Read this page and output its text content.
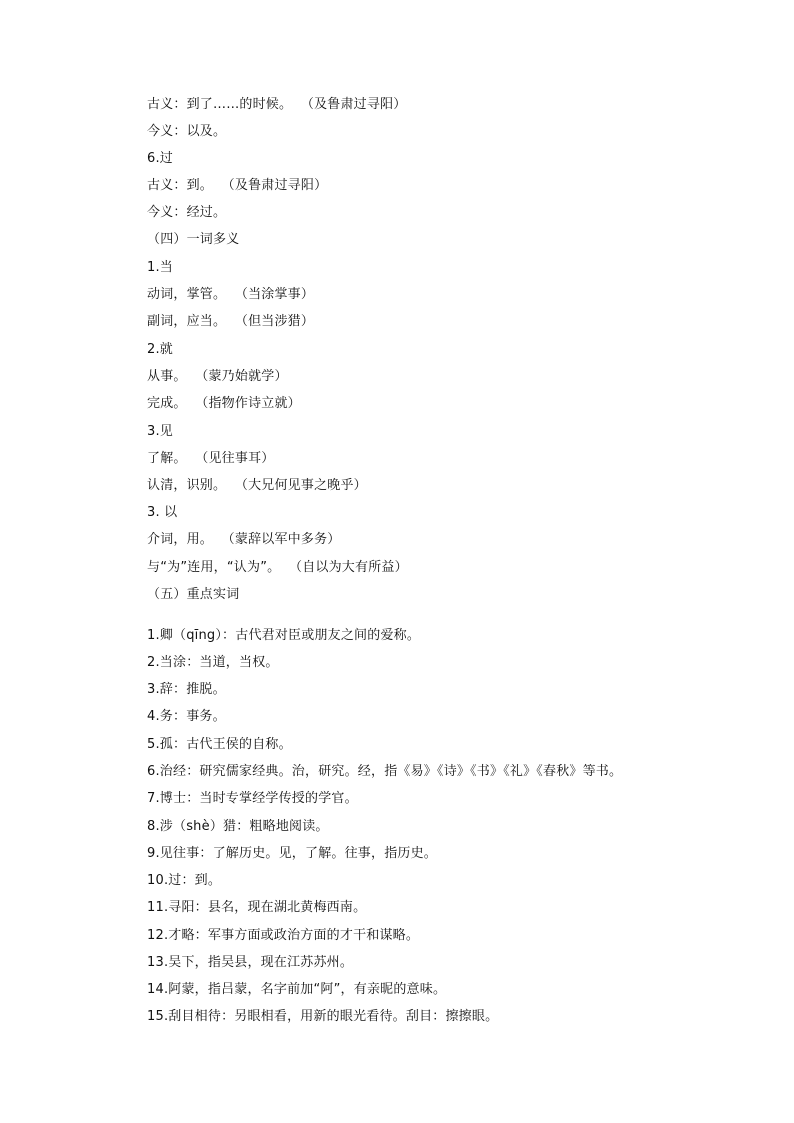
古义：到了……的时候。  （及鲁肃过寻阳）
今义：以及。
6.过
古义：到。  （及鲁肃过寻阳）
今义：经过。
（四）一词多义
1.当
动词，掌管。  （当涂掌事）
副词，应当。  （但当涉猎）
2.就
从事。  （蒙乃始就学）
完成。  （指物作诗立就）
3.见
了解。  （见往事耳）
认清，识别。  （大兄何见事之晚乎）
3. 以
介词，用。  （蒙辞以军中多务）
与“为”连用，“认为”。  （自以为大有所益）
（五）重点实词
1.卿（qīng）：古代君对臣或朋友之间的爱称。
2.当涂：当道，当权。
3.辞：推脱。
4.务：事务。
5.孤：古代王侯的自称。
6.治经：研究儒家经典。治，研究。经，指《易》《诗》《书》《礼》《春秋》等书。
7.博士：当时专掌经学传授的学官。
8.涉（shè）猎：粗略地阅读。
9.见往事：了解历史。见，了解。往事，指历史。
10.过：到。
11.寻阳：县名，现在湖北黄梅西南。
12.才略：军事方面或政治方面的才干和谋略。
13.吴下，指吴县，现在江苏苏州。
14.阿蒙，指吕蒙，名字前加“阿”，有亲昵的意味。
15.刮目相待：另眼相看，用新的眼光看待。刮目：擦擦眼。
